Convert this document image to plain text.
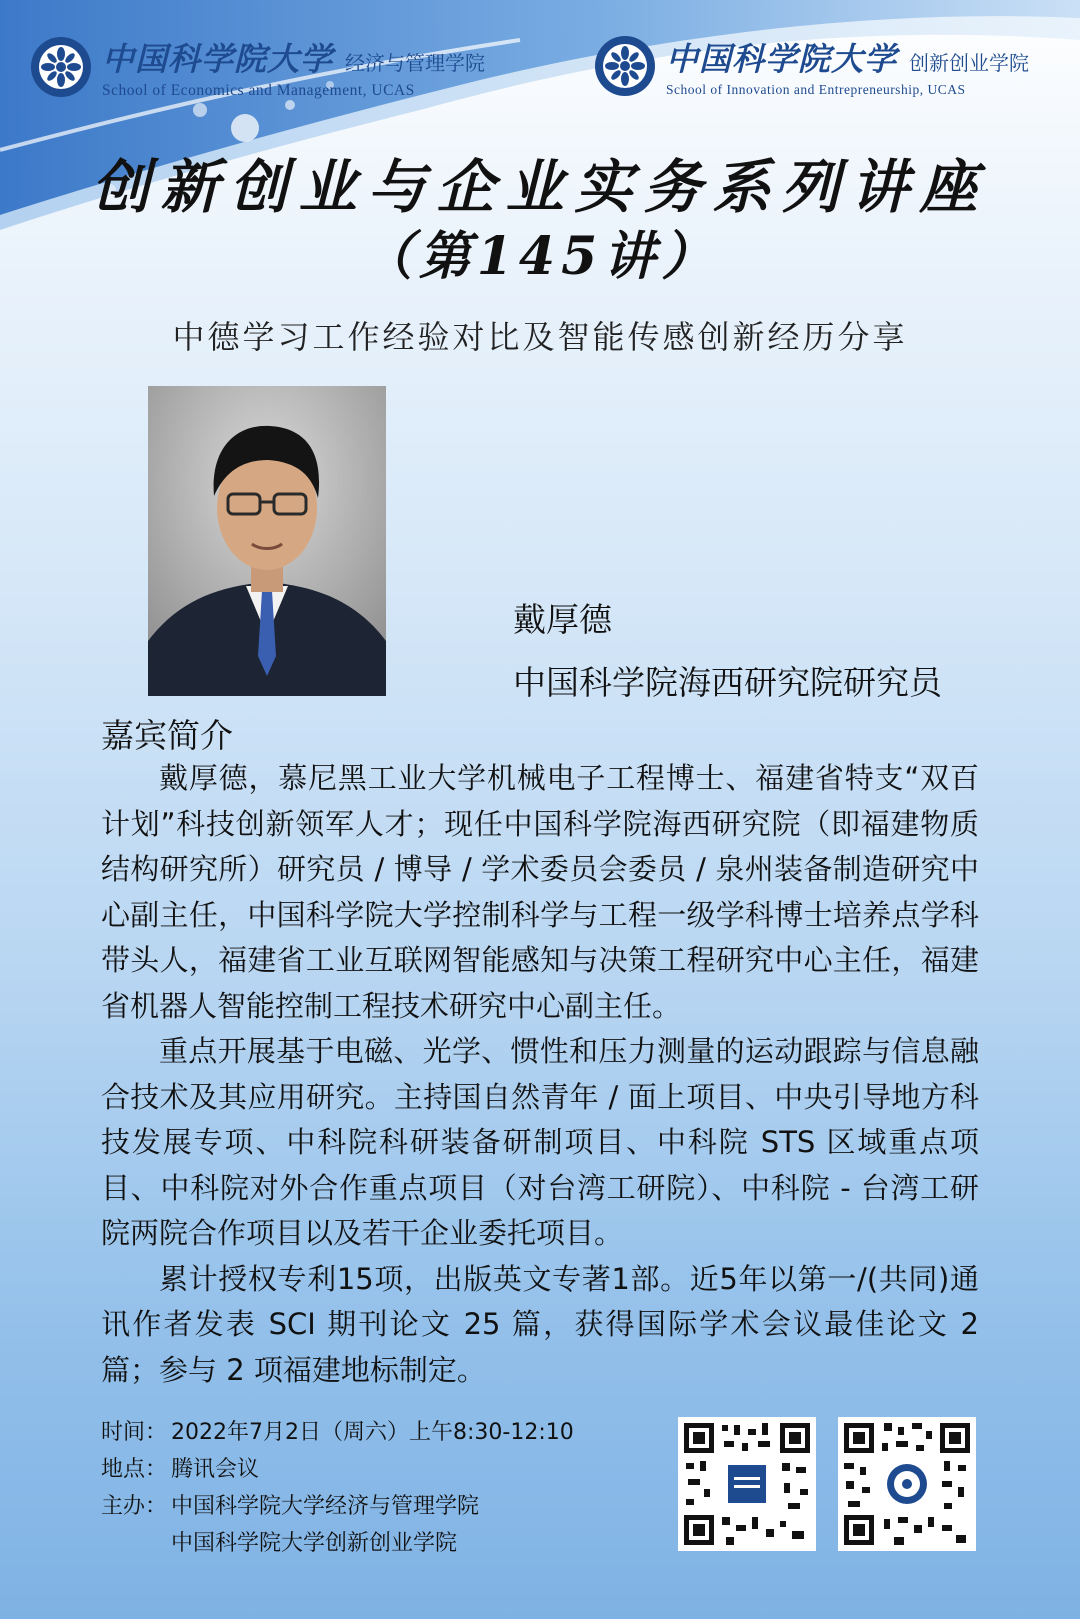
中国科学院大学 经济与管理学院
School of Economics and Management, UCAS
中国科学院大学 创新创业学院
School of Innovation and Entrepreneurship, UCAS
创新创业与企业实务系列讲座
（第145讲）
中德学习工作经验对比及智能传感创新经历分享
戴厚德
中国科学院海西研究院研究员
嘉宾简介

戴厚德，慕尼黑工业大学机械电子工程博士、福建省特支“双百计划”科技创新领军人才；现任中国科学院海西研究院（即福建物质结构研究所）研究员 / 博导 / 学术委员会委员 / 泉州装备制造研究中心副主任，中国科学院大学控制科学与工程一级学科博士培养点学科带头人，福建省工业互联网智能感知与决策工程研究中心主任，福建省机器人智能控制工程技术研究中心副主任。

重点开展基于电磁、光学、惯性和压力测量的运动跟踪与信息融合技术及其应用研究。主持国自然青年 / 面上项目、中央引导地方科技发展专项、中科院科研装备研制项目、中科院 STS 区域重点项目、中科院对外合作重点项目（对台湾工研院）、中科院 - 台湾工研院两院合作项目以及若干企业委托项目。

累计授权专利15项，出版英文专著1部。近5年以第一/(共同)通讯作者发表 SCI 期刊论文 25 篇，获得国际学术会议最佳论文 2 篇；参与 2 项福建地标制定。

时间： 2022年7月2日（周六）上午8:30-12:10
地点： 腾讯会议
主办： 中国科学院大学经济与管理学院
中国科学院大学创新创业学院
